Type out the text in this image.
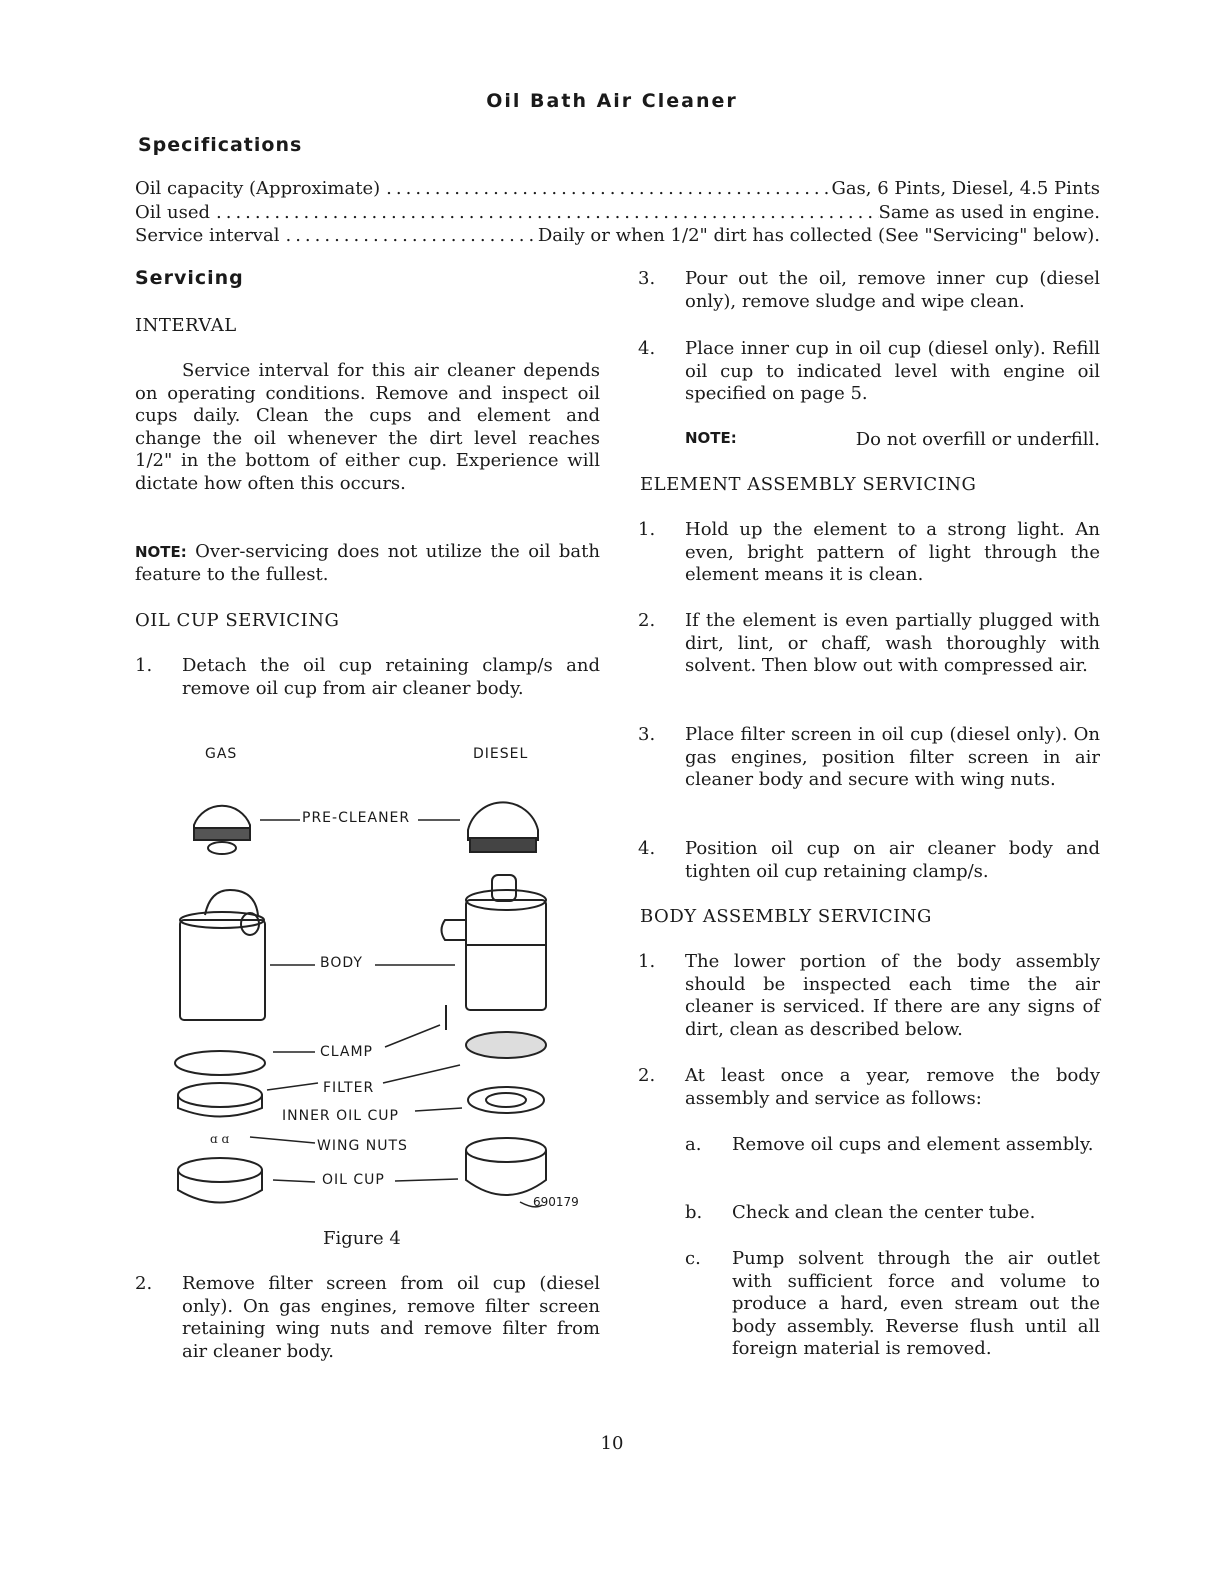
Oil Bath Air Cleaner
Specifications
Oil capacity (Approximate) .....	Gas, 6 Pints, Diesel, 4.5 Pints
Oil used .....	Same as used in engine.
Service interval .....	Daily or when 1/2" dirt has collected (See "Servicing" below).
Servicing
INTERVAL
Service interval for this air cleaner depends on operating conditions. Remove and inspect oil cups daily. Clean the cups and element and change the oil whenever the dirt level reaches 1/2" in the bottom of either cup. Experience will dictate how often this occurs.
NOTE: Over-servicing does not utilize the oil bath feature to the fullest.
OIL CUP SERVICING
1.	Detach the oil cup retaining clamp/s and remove oil cup from air cleaner body.
ɑ ɑ
GAS	DIESEL
PRE-CLEANER
BODY
CLAMP
FILTER
INNER OIL CUP
WING NUTS
OIL CUP
690179
Figure 4
2.	Remove filter screen from oil cup (diesel only). On gas engines, remove filter screen retaining wing nuts and remove filter from air cleaner body.
3.	Pour out the oil, remove inner cup (diesel only), remove sludge and wipe clean.
4.	Place inner cup in oil cup (diesel only). Refill oil cup to indicated level with engine oil specified on page 5.
NOTE:	Do not overfill or underfill.
ELEMENT ASSEMBLY SERVICING
1.	Hold up the element to a strong light. An even, bright pattern of light through the element means it is clean.
2.	If the element is even partially plugged with dirt, lint, or chaff, wash thoroughly with solvent. Then blow out with compressed air.
3.	Place filter screen in oil cup (diesel only). On gas engines, position filter screen in air cleaner body and secure with wing nuts.
4.	Position oil cup on air cleaner body and tighten oil cup retaining clamp/s.
BODY ASSEMBLY SERVICING
1.	The lower portion of the body assembly should be inspected each time the air cleaner is serviced. If there are any signs of dirt, clean as described below.
2.	At least once a year, remove the body assembly and service as follows:
a.	Remove oil cups and element assembly.
b.	Check and clean the center tube.
c.	Pump solvent through the air outlet with sufficient force and volume to produce a hard, even stream out the body assembly. Reverse flush until all foreign material is removed.
10
